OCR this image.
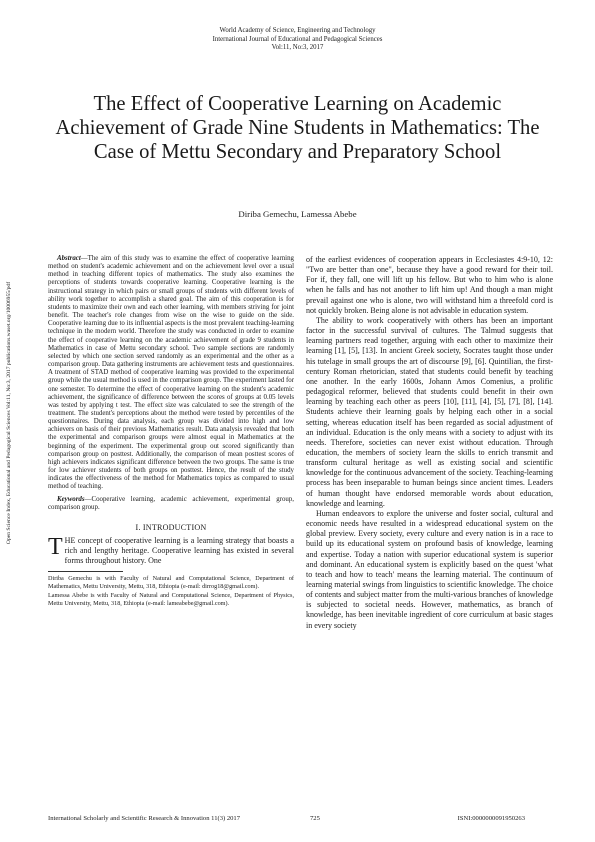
World Academy of Science, Engineering and Technology
International Journal of Educational and Pedagogical Sciences
Vol:11, No:3, 2017
The Effect of Cooperative Learning on Academic Achievement of Grade Nine Students in Mathematics: The Case of Mettu Secondary and Preparatory School
Diriba Gemechu, Lamessa Abebe
Open Science Index, Educational and Pedagogical Sciences Vol:11, No:3, 2017 publications.waset.org/10006955/pdf

Abstract—The aim of this study was to examine the effect of cooperative learning method on student's academic achievement and on the achievement level over a usual method in teaching different topics of mathematics. The study also examines the perceptions of students towards cooperative learning. Cooperative learning is the instructional strategy in which pairs or small groups of students with different levels of ability work together to accomplish a shared goal. The aim of this cooperation is for students to maximize their own and each other learning, with members striving for joint benefit. The teacher's role changes from wise on the wise to guide on the side. Cooperative learning due to its influential aspects is the most prevalent teaching-learning technique in the modern world. Therefore the study was conducted in order to examine the effect of cooperative learning on the academic achievement of grade 9 students in Mathematics in case of Mettu secondary school. Two sample sections are randomly selected by which one section served randomly as an experimental and the other as a comparison group. Data gathering instruments are achievement tests and questionnaires. A treatment of STAD method of cooperative learning was provided to the experimental group while the usual method is used in the comparison group. The experiment lasted for one semester. To determine the effect of cooperative learning on the student's academic achievement, the significance of difference between the scores of groups at 0.05 levels was tested by applying t test. The effect size was calculated to see the strength of the treatment. The student's perceptions about the method were tested by percentiles of the questionnaires. During data analysis, each group was divided into high and low achievers on basis of their previous Mathematics result. Data analysis revealed that both the experimental and comparison groups were almost equal in Mathematics at the beginning of the experiment. The experimental group out scored significantly than comparison group on posttest. Additionally, the comparison of mean posttest scores of high achievers indicates significant difference between the two groups. The same is true for low achiever students of both groups on posttest. Hence, the result of the study indicates the effectiveness of the method for Mathematics topics as compared to usual method of teaching.

Keywords—Cooperative learning, academic achievement, experimental group, comparison group.

I. INTRODUCTION

THE concept of cooperative learning is a learning strategy that boasts a rich and lengthy heritage. Cooperative learning has existed in several forms throughout history. One

Diriba Gemechu is with Faculty of Natural and Computational Science, Department of Mathematics, Mettu University, Mettu, 318, Ethiopia (e-mail: dirrog18@gmail.com).

Lamessa Abebe is with Faculty of Natural and Computational Science, Department of Physics, Mettu University, Mettu, 318, Ethiopia (e-mail: lameabebe@gmail.com).

of the earliest evidences of cooperation appears in Ecclesiastes 4:9-10, 12: "Two are better than one", because they have a good reward for their toil. For if, they fall, one will lift up his fellow. But who to him who is alone when he falls and has not another to lift him up! And though a man might prevail against one who is alone, two will withstand him a threefold cord is not quickly broken. Being alone is not advisable in education system.

The ability to work cooperatively with others has been an important factor in the successful survival of cultures. The Talmud suggests that learning partners read together, arguing with each other to maximize their learning [1], [5], [13]. In ancient Greek society, Socrates taught those under his tutelage in small groups the art of discourse [9], [6]. Quintilian, the first-century Roman rhetorician, stated that students could benefit by teaching one another. In the early 1600s, Johann Amos Comenius, a prolific pedagogical reformer, believed that students could benefit in their own learning by teaching each other as peers [10], [11], [4], [5], [7], [8], [14]. Students achieve their learning goals by helping each other in a social setting, whereas education itself has been regarded as social adjustment of an individual. Education is the only means with a society to adjust with its needs. Therefore, societies can never exist without education. Through education, the members of society learn the skills to enrich transmit and transform cultural heritage as well as existing social and scientific knowledge for the continuous advancement of the society. Teaching-learning process has been inseparable to human beings since ancient times. Leaders of human thought have endorsed memorable words about education, knowledge and learning.

Human endeavors to explore the universe and foster social, cultural and economic needs have resulted in a widespread educational system on the global preview. Every society, every culture and every nation is in a race to build up its educational system on profound basis of knowledge, learning and expertise. Today a nation with superior educational system is superior and dominant. An educational system is explicitly based on the quest 'what to teach and how to teach' means the learning material. The continuum of learning material swings from linguistics to scientific knowledge. The choice of contents and subject matter from the multi-various branches of knowledge is subjected to societal needs. However, mathematics, as branch of knowledge, has been inevitable ingredient of core curriculum at basic stages in every society

International Scholarly and Scientific Research & Innovation 11(3) 2017	725	ISNI:0000000091950263
